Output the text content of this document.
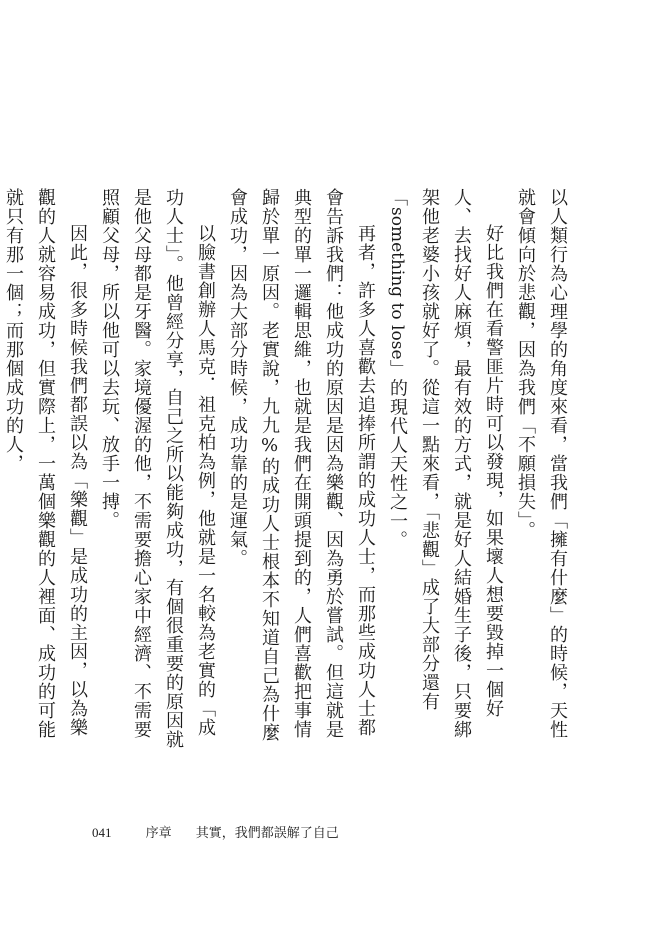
以人類行為心理學的角度來看，當我們「擁有什麼」的時候，天性就會傾向於悲觀，因為我們「不願損失」。

好比我們在看警匪片時可以發現，如果壞人想要毀掉一個好人、去找好人麻煩，最有效的方式，就是好人結婚生子後，只要綁架他老婆小孩就好了。從這一點來看，「悲觀」成了大部分還有「something to lose」的現代人天性之一。

再者，許多人喜歡去追捧所謂的成功人士，而那些成功人士都會告訴我們：他成功的原因是因為樂觀、因為勇於嘗試。但這就是典型的單一邏輯思維，也就是我們在開頭提到的，人們喜歡把事情歸於單一原因。老實說，九九%的成功人士根本不知道自己為什麼會成功，因為大部分時候，成功靠的是運氣。

以臉書創辦人馬克．祖克柏為例，他就是一名較為老實的「成功人士」。他曾經分享，自己之所以能夠成功，有個很重要的原因就是他父母都是牙醫。家境優渥的他，不需要擔心家中經濟、不需要照顧父母，所以他可以去玩、放手一搏。

因此，很多時候我們都誤以為「樂觀」是成功的主因，以為樂觀的人就容易成功，但實際上，一萬個樂觀的人裡面、成功的可能就只有那一個；而那個成功的人，

041	序章 其實，我們都誤解了自己
